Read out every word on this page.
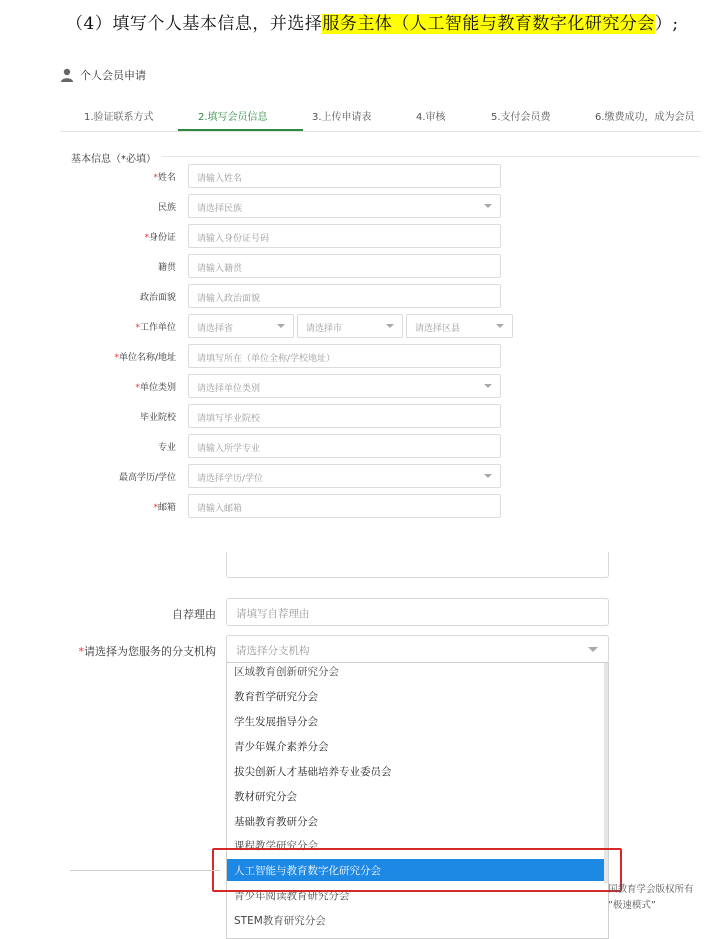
（4）填写个人基本信息，并选择服务主体（人工智能与教育数字化研究分会）;
个人会员申请
1.验证联系方式	2.填写会员信息	3.上传申请表	4.审核	5.支付会员费	6.缴费成功，成为会员
基本信息（*必填）
*姓名	请输入姓名
民族	请选择民族
*身份证	请输入身份证号码
籍贯	请输入籍贯
政治面貌	请输入政治面貌
*工作单位	请选择省	请选择市	请选择区县
*单位名称/地址	请填写所在（单位全称/学校地址）
*单位类别	请选择单位类别
毕业院校	请填写毕业院校
专业	请输入所学专业
最高学历/学位	请选择学历/学位
*邮箱	请输入邮箱
自荐理由	请填写自荐理由
*请选择为您服务的分支机构	请选择分支机构
区域教育创新研究分会
教育哲学研究分会
学生发展指导分会
青少年媒介素养分会
拔尖创新人才基础培养专业委员会
教材研究分会
基础教育教研分会
课程教学研究分会
人工智能与教育数字化研究分会
青少年阅读教育研究分会
STEM教育研究分会
国教育学会版权所有
”极速模式”
